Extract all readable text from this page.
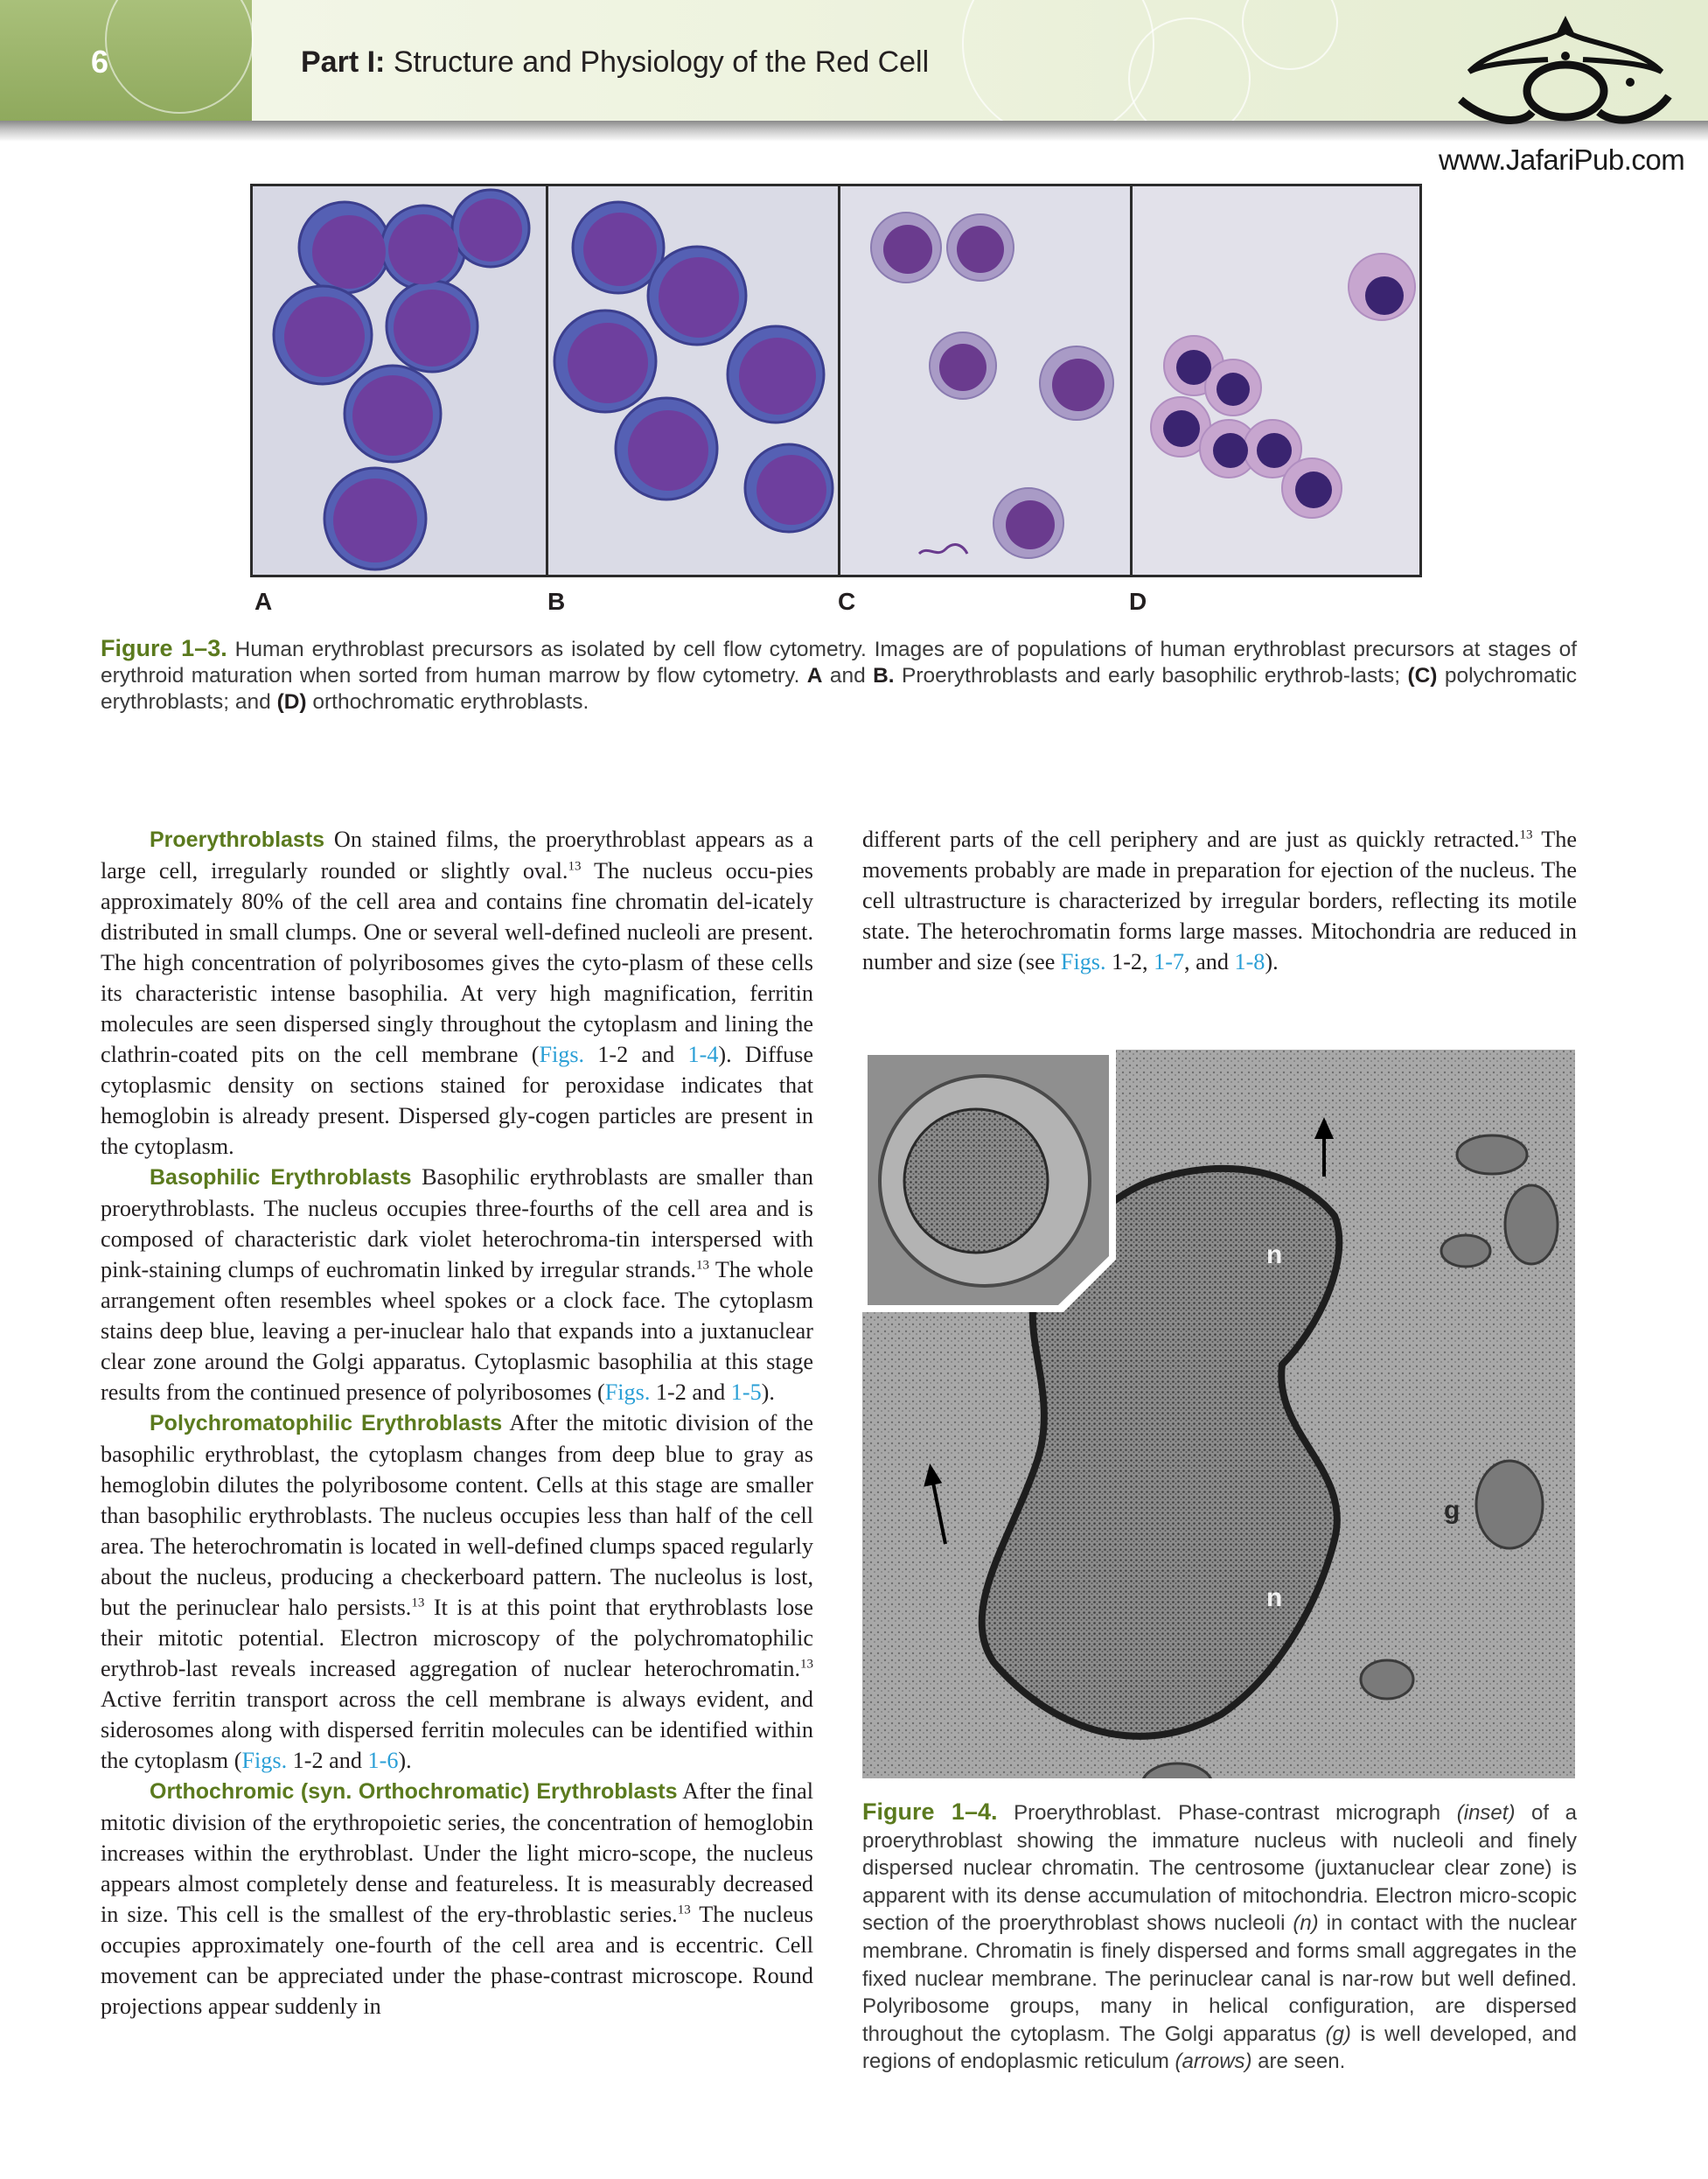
6	Part I: Structure and Physiology of the Red Cell
www.JafariPub.com
A	B	C	D
Figure 1–3. Human erythroblast precursors as isolated by cell flow cytometry. Images are of populations of human erythroblast precursors at stages of erythroid maturation when sorted from human marrow by flow cytometry. A and B. Proerythroblasts and early basophilic erythrob-lasts; (C) polychromatic erythroblasts; and (D) orthochromatic erythroblasts.

Proerythroblasts On stained films, the proerythroblast appears as a large cell, irregularly rounded or slightly oval.$^{13}$ The nucleus occu-pies approximately 80% of the cell area and contains fine chromatin del-icately distributed in small clumps. One or several well-defined nucleoli are present. The high concentration of polyribosomes gives the cyto-plasm of these cells its characteristic intense basophilia. At very high magnification, ferritin molecules are seen dispersed singly throughout the cytoplasm and lining the clathrin-coated pits on the cell membrane (Figs. 1-2 and 1-4). Diffuse cytoplasmic density on sections stained for peroxidase indicates that hemoglobin is already present. Dispersed gly-cogen particles are present in the cytoplasm.

Basophilic Erythroblasts Basophilic erythroblasts are smaller than proerythroblasts. The nucleus occupies three-fourths of the cell area and is composed of characteristic dark violet heterochroma-tin interspersed with pink-staining clumps of euchromatin linked by irregular strands.$^{13}$ The whole arrangement often resembles wheel spokes or a clock face. The cytoplasm stains deep blue, leaving a per-inuclear halo that expands into a juxtanuclear clear zone around the Golgi apparatus. Cytoplasmic basophilia at this stage results from the continued presence of polyribosomes (Figs. 1-2 and 1-5).

Polychromatophilic Erythroblasts After the mitotic division of the basophilic erythroblast, the cytoplasm changes from deep blue to gray as hemoglobin dilutes the polyribosome content. Cells at this stage are smaller than basophilic erythroblasts. The nucleus occupies less than half of the cell area. The heterochromatin is located in well-defined clumps spaced regularly about the nucleus, producing a checkerboard pattern. The nucleolus is lost, but the perinuclear halo persists.$^{13}$ It is at this point that erythroblasts lose their mitotic potential. Electron microscopy of the polychromatophilic erythrob-last reveals increased aggregation of nuclear heterochromatin.$^{13}$ Active ferritin transport across the cell membrane is always evident, and siderosomes along with dispersed ferritin molecules can be identified within the cytoplasm (Figs. 1-2 and 1-6).

Orthochromic (syn. Orthochromatic) Erythroblasts After the final mitotic division of the erythropoietic series, the concentration of hemoglobin increases within the erythroblast. Under the light micro-scope, the nucleus appears almost completely dense and featureless. It is measurably decreased in size. This cell is the smallest of the ery-throblastic series.$^{13}$ The nucleus occupies approximately one-fourth of the cell area and is eccentric. Cell movement can be appreciated under the phase-contrast microscope. Round projections appear suddenly in

different parts of the cell periphery and are just as quickly retracted.$^{13}$ The movements probably are made in preparation for ejection of the nucleus. The cell ultrastructure is characterized by irregular borders, reflecting its motile state. The heterochromatin forms large masses. Mitochondria are reduced in number and size (see Figs. 1-2, 1-7, and 1-8).

n
n
g
Figure 1–4. Proerythroblast. Phase-contrast micrograph (inset) of a proerythroblast showing the immature nucleus with nucleoli and finely dispersed nuclear chromatin. The centrosome (juxtanuclear clear zone) is apparent with its dense accumulation of mitochondria. Electron micro-scopic section of the proerythroblast shows nucleoli (n) in contact with the nuclear membrane. Chromatin is finely dispersed and forms small aggregates in the fixed nuclear membrane. The perinuclear canal is nar-row but well defined. Polyribosome groups, many in helical configuration, are dispersed throughout the cytoplasm. The Golgi apparatus (g) is well developed, and regions of endoplasmic reticulum (arrows) are seen.
